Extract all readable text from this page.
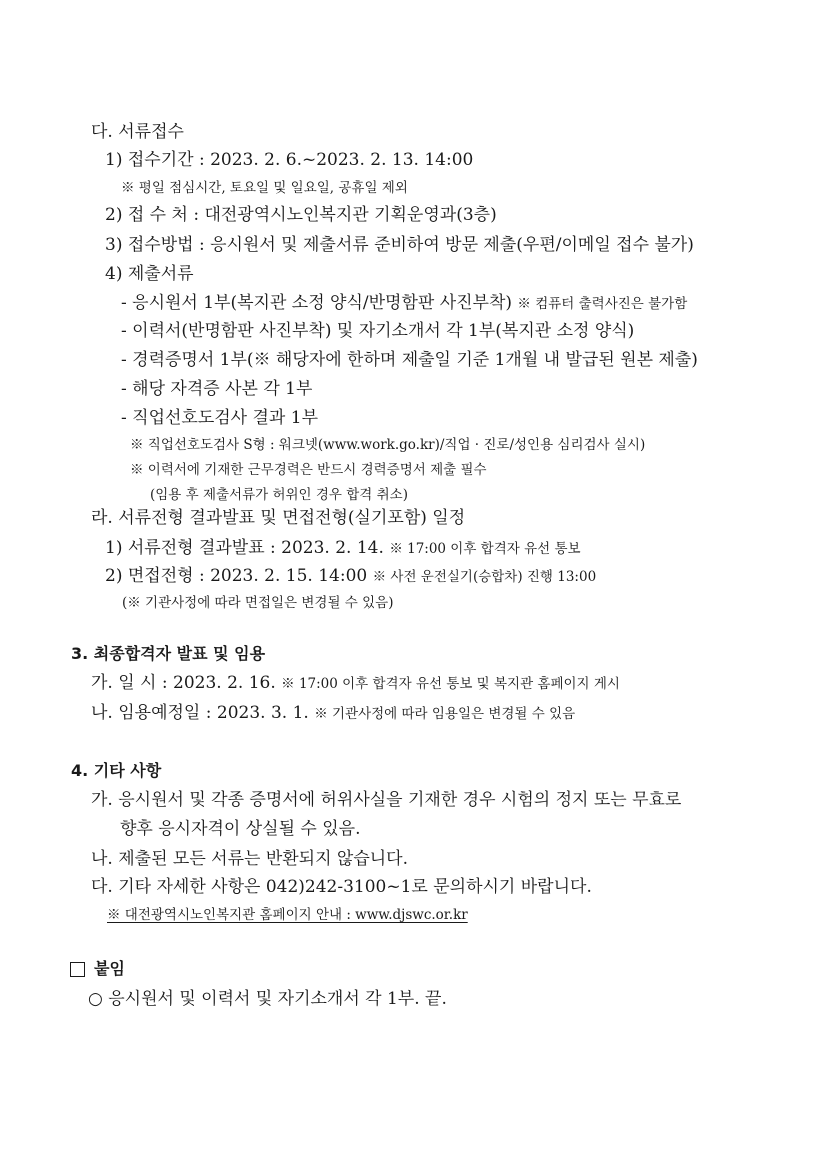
다. 서류접수
1) 접수기간 : 2023. 2. 6.~2023. 2. 13. 14:00
※ 평일 점심시간, 토요일 및 일요일, 공휴일 제외
2) 접 수 처 : 대전광역시노인복지관 기획운영과(3층)
3) 접수방법 : 응시원서 및 제출서류 준비하여 방문 제출(우편/이메일 접수 불가)
4) 제출서류
- 응시원서 1부(복지관 소정 양식/반명함판 사진부착) ※ 컴퓨터 출력사진은 불가함
- 이력서(반명함판 사진부착) 및 자기소개서 각 1부(복지관 소정 양식)
- 경력증명서 1부(※ 해당자에 한하며 제출일 기준 1개월 내 발급된 원본 제출)
- 해당 자격증 사본 각 1부
- 직업선호도검사 결과 1부
※ 직업선호도검사 S형 : 워크넷(www.work.go.kr)/직업 · 진로/성인용 심리검사 실시)
※ 이력서에 기재한 근무경력은 반드시 경력증명서 제출 필수
(임용 후 제출서류가 허위인 경우 합격 취소)
라. 서류전형 결과발표 및 면접전형(실기포함) 일정
1) 서류전형 결과발표 : 2023. 2. 14. ※ 17:00 이후 합격자 유선 통보
2) 면접전형 : 2023. 2. 15. 14:00 ※ 사전 운전실기(승합차) 진행 13:00
(※ 기관사정에 따라 면접일은 변경될 수 있음)
3. 최종합격자 발표 및 임용
가. 일 시 : 2023. 2. 16. ※ 17:00 이후 합격자 유선 통보 및 복지관 홈페이지 게시
나. 임용예정일 : 2023. 3. 1. ※ 기관사정에 따라 임용일은 변경될 수 있음
4. 기타 사항
가. 응시원서 및 각종 증명서에 허위사실을 기재한 경우 시험의 정지 또는 무효로
향후 응시자격이 상실될 수 있음.
나. 제출된 모든 서류는 반환되지 않습니다.
다. 기타 자세한 사항은 042)242-3100~1로 문의하시기 바랍니다.
※ 대전광역시노인복지관 홈페이지 안내 : www.djswc.or.kr
붙임
○ 응시원서 및 이력서 및 자기소개서 각 1부. 끝.
